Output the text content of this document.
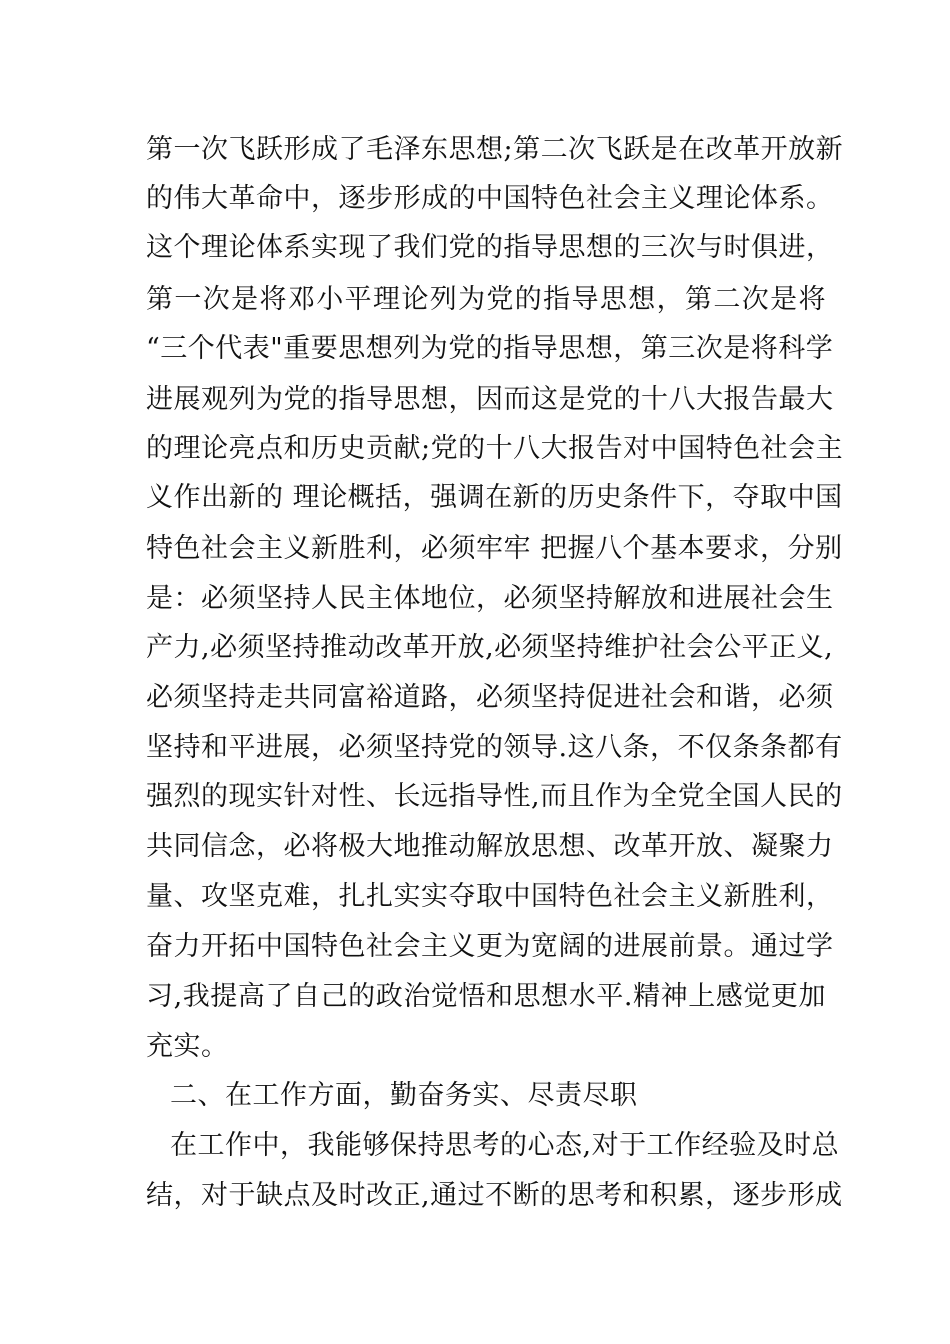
第一次飞跃形成了毛泽东思想;第二次飞跃是在改革开放新
的伟大革命中，逐步形成的中国特色社会主义理论体系。
这个理论体系实现了我们党的指导思想的三次与时俱进，
第一次是将邓小平理论列为党的指导思想，第二次是将
“三个代表"重要思想列为党的指导思想，第三次是将科学
进展观列为党的指导思想，因而这是党的十八大报告最大
的理论亮点和历史贡献;党的十八大报告对中国特色社会主
义作出新的 理论概括，强调在新的历史条件下，夺取中国
特色社会主义新胜利，必须牢牢 把握八个基本要求，分别
是：必须坚持人民主体地位，必须坚持解放和进展社会生
产力,必须坚持推动改革开放,必须坚持维护社会公平正义,
必须坚持走共同富裕道路，必须坚持促进社会和谐，必须
坚持和平进展，必须坚持党的领导.这八条，不仅条条都有
强烈的现实针对性、长远指导性,而且作为全党全国人民的
共同信念，必将极大地推动解放思想、改革开放、凝聚力
量、攻坚克难，扎扎实实夺取中国特色社会主义新胜利，
奋力开拓中国特色社会主义更为宽阔的进展前景。通过学
习,我提高了自己的政治觉悟和思想水平.精神上感觉更加
充实。
二、在工作方面，勤奋务实、尽责尽职
在工作中，我能够保持思考的心态,对于工作经验及时总
结，对于缺点及时改正,通过不断的思考和积累，逐步形成
